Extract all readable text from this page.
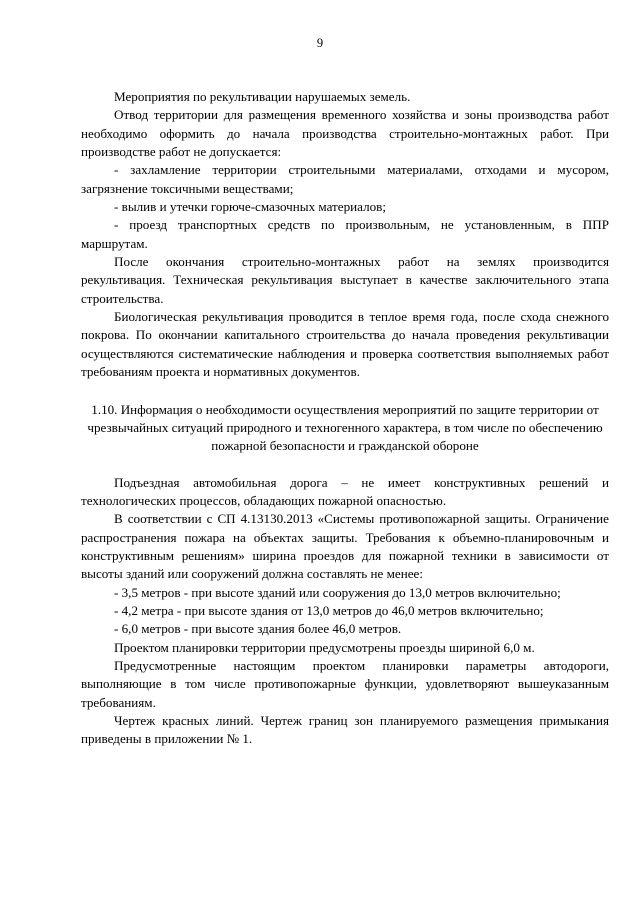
9

Мероприятия по рекультивации нарушаемых земель.

Отвод территории для размещения временного хозяйства и зоны производства работ необходимо оформить до начала производства строительно-монтажных работ. При производстве работ не допускается:

- захламление территории строительными материалами, отходами и мусором, загрязнение токсичными веществами;

- вылив и утечки горюче-смазочных материалов;

- проезд транспортных средств по произвольным, не установленным, в ППР маршрутам.

После окончания строительно-монтажных работ на землях производится рекультивация. Техническая рекультивация выступает в качестве заключительного этапа строительства.

Биологическая рекультивация проводится в теплое время года, после схода снежного покрова. По окончании капитального строительства до начала проведения рекультивации осуществляются систематические наблюдения и проверка соответствия выполняемых работ требованиям проекта и нормативных документов.

1.10. Информация о необходимости осуществления мероприятий по защите территории от чрезвычайных ситуаций природного и техногенного характера, в том числе по обеспечению пожарной безопасности и гражданской обороне

Подъездная автомобильная дорога – не имеет конструктивных решений и технологических процессов, обладающих пожарной опасностью.

В соответствии с СП 4.13130.2013 «Системы противопожарной защиты. Ограничение распространения пожара на объектах защиты. Требования к объемно-планировочным и конструктивным решениям» ширина проездов для пожарной техники в зависимости от высоты зданий или сооружений должна составлять не менее:

- 3,5 метров - при высоте зданий или сооружения до 13,0 метров включительно;

- 4,2 метра - при высоте здания от 13,0 метров до 46,0 метров включительно;

- 6,0 метров - при высоте здания более 46,0 метров.

Проектом планировки территории предусмотрены проезды шириной 6,0 м.

Предусмотренные настоящим проектом планировки параметры автодороги, выполняющие в том числе противопожарные функции, удовлетворяют вышеуказанным требованиям.

Чертеж красных линий. Чертеж границ зон планируемого размещения примыкания приведены в приложении № 1.
